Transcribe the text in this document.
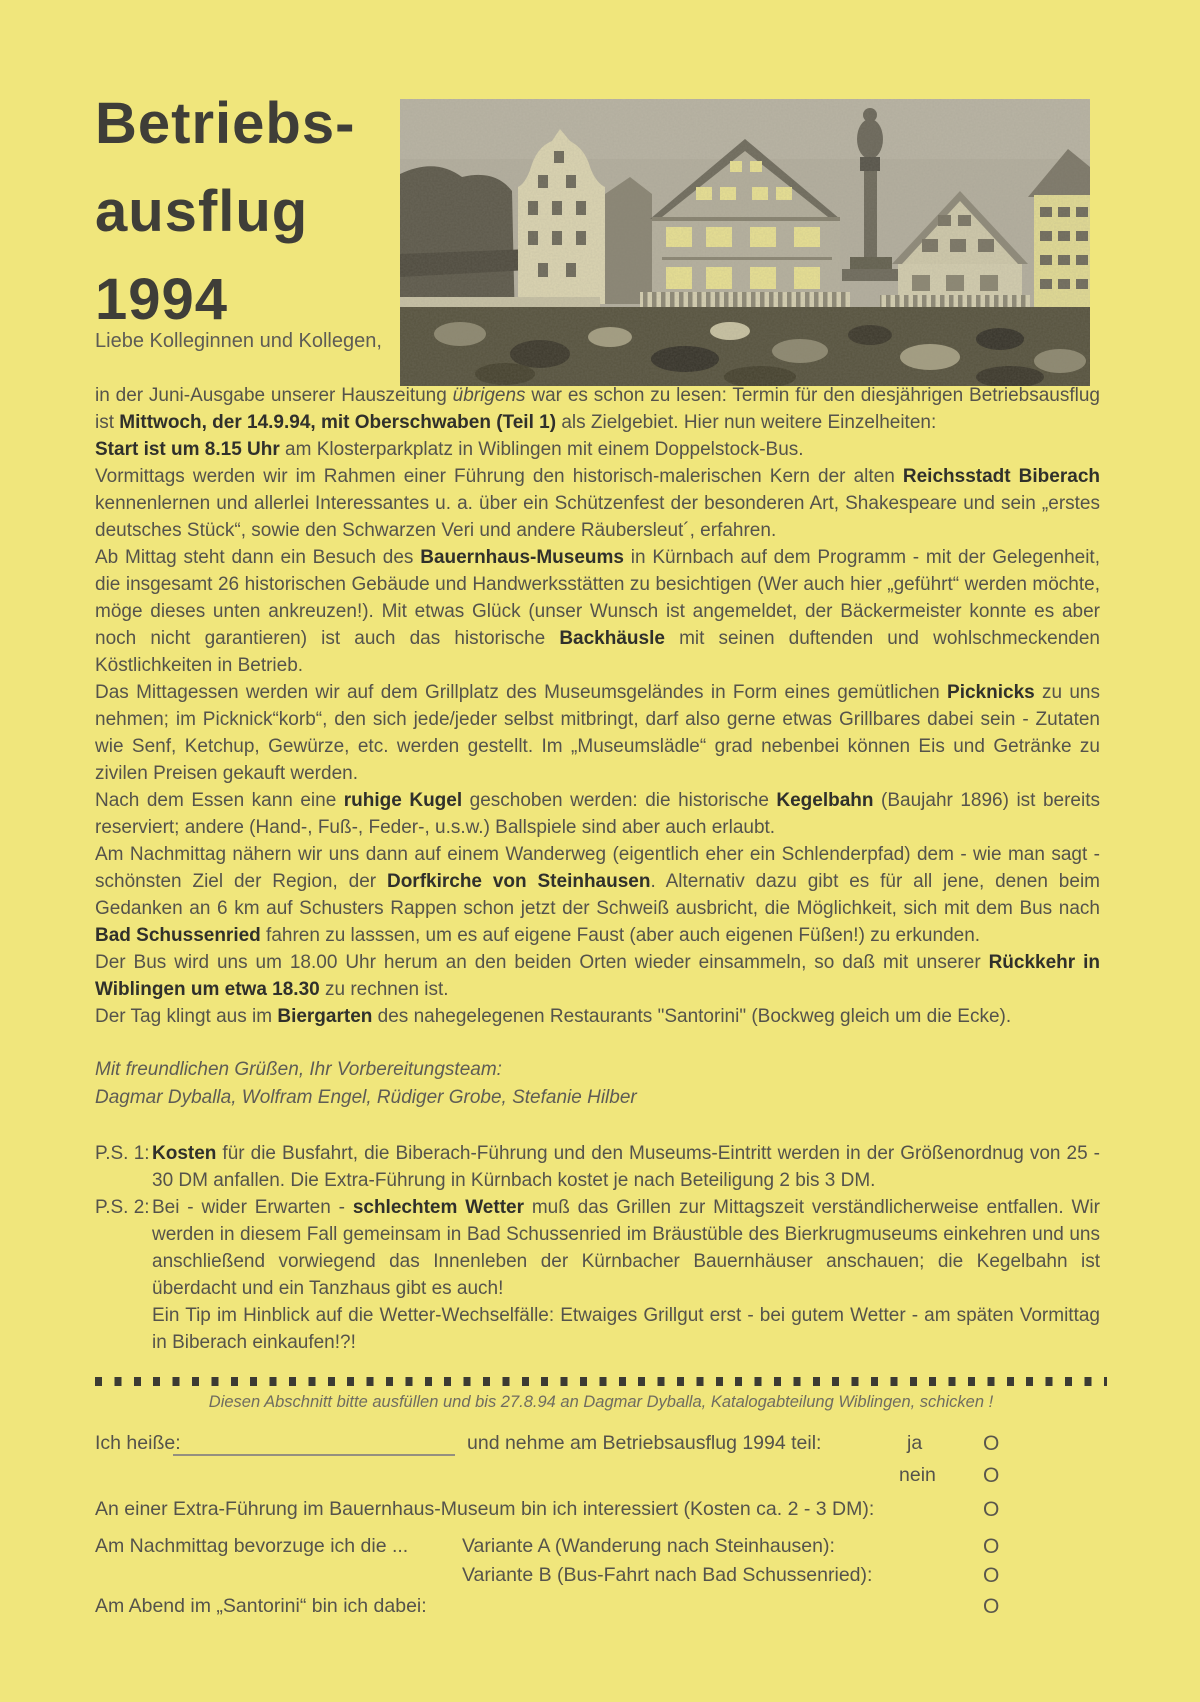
Betriebs-
ausflug
1994
Liebe Kolleginnen und Kollegen,

in der Juni-Ausgabe unserer Hauszeitung übrigens war es schon zu lesen: Termin für den diesjährigen Betriebsausflug ist Mittwoch, der 14.9.94, mit Oberschwaben (Teil 1) als Zielgebiet. Hier nun weitere Einzelheiten:

Start ist um 8.15 Uhr am Klosterparkplatz in Wiblingen mit einem Doppelstock-Bus.

Vormittags werden wir im Rahmen einer Führung den historisch-malerischen Kern der alten Reichsstadt Biberach kennenlernen und allerlei Interessantes u. a. über ein Schützenfest der besonderen Art, Shakespeare und sein „erstes deutsches Stück“, sowie den Schwarzen Veri und andere Räubersleut´, erfahren.

Ab Mittag steht dann ein Besuch des Bauernhaus-Museums in Kürnbach auf dem Programm - mit der Gelegenheit, die insgesamt 26 historischen Gebäude und Handwerksstätten zu besichtigen (Wer auch hier „geführt“ werden möchte, möge dieses unten ankreuzen!). Mit etwas Glück (unser Wunsch ist angemeldet, der Bäckermeister konnte es aber noch nicht garantieren) ist auch das historische Backhäusle mit seinen duftenden und wohlschmeckenden Köstlichkeiten in Betrieb.

Das Mittagessen werden wir auf dem Grillplatz des Museumsgeländes in Form eines gemütlichen Picknicks zu uns nehmen; im Picknick“korb“, den sich jede/jeder selbst mitbringt, darf also gerne etwas Grillbares dabei sein - Zutaten wie Senf, Ketchup, Gewürze, etc. werden gestellt. Im „Museumslädle“ grad nebenbei können Eis und Getränke zu zivilen Preisen gekauft werden.

Nach dem Essen kann eine ruhige Kugel geschoben werden: die historische Kegelbahn (Baujahr 1896) ist bereits reserviert; andere (Hand-, Fuß-, Feder-, u.s.w.) Ballspiele sind aber auch erlaubt.

Am Nachmittag nähern wir uns dann auf einem Wanderweg (eigentlich eher ein Schlenderpfad) dem - wie man sagt - schönsten Ziel der Region, der Dorfkirche von Steinhausen. Alternativ dazu gibt es für all jene, denen beim Gedanken an 6 km auf Schusters Rappen schon jetzt der Schweiß ausbricht, die Möglichkeit, sich mit dem Bus nach Bad Schussenried fahren zu lasssen, um es auf eigene Faust (aber auch eigenen Füßen!) zu erkunden.

Der Bus wird uns um 18.00 Uhr herum an den beiden Orten wieder einsammeln, so daß mit unserer Rückkehr in Wiblingen um etwa 18.30 zu rechnen ist.

Der Tag klingt aus im Biergarten des nahegelegenen Restaurants "Santorini" (Bockweg gleich um die Ecke).

Mit freundlichen Grüßen, Ihr Vorbereitungsteam:
Dagmar Dyballa, Wolfram Engel, Rüdiger Grobe, Stefanie Hilber
P.S. 1: Kosten für die Busfahrt, die Biberach-Führung und den Museums-Eintritt werden in der Größenordnug von 25 - 30 DM anfallen. Die Extra-Führung in Kürnbach kostet je nach Beteiligung 2 bis 3 DM.

P.S. 2: Bei - wider Erwarten - schlechtem Wetter muß das Grillen zur Mittagszeit verständlicherweise entfallen. Wir werden in diesem Fall gemeinsam in Bad Schussenried im Bräustüble des Bierkrugmuseums einkehren und uns anschließend vorwiegend das Innenleben der Kürnbacher Bauernhäuser anschauen; die Kegelbahn ist überdacht und ein Tanzhaus gibt es auch!

Ein Tip im Hinblick auf die Wetter-Wechselfälle: Etwaiges Grillgut erst - bei gutem Wetter - am späten Vormittag in Biberach einkaufen!?!

Diesen Abschnitt bitte ausfüllen und bis 27.8.94 an Dagmar Dyballa, Katalogabteilung Wiblingen, schicken !
Ich heiße:	und nehme am Betriebsausflug 1994 teil:	ja	O
nein O
An einer Extra-Führung im Bauernhaus-Museum bin ich interessiert (Kosten ca. 2 - 3 DM):	O
Am Nachmittag bevorzuge ich die ...	Variante A (Wanderung nach Steinhausen):	O
Variante B (Bus-Fahrt nach Bad Schussenried):	O
Am Abend im „Santorini“ bin ich dabei:	O
